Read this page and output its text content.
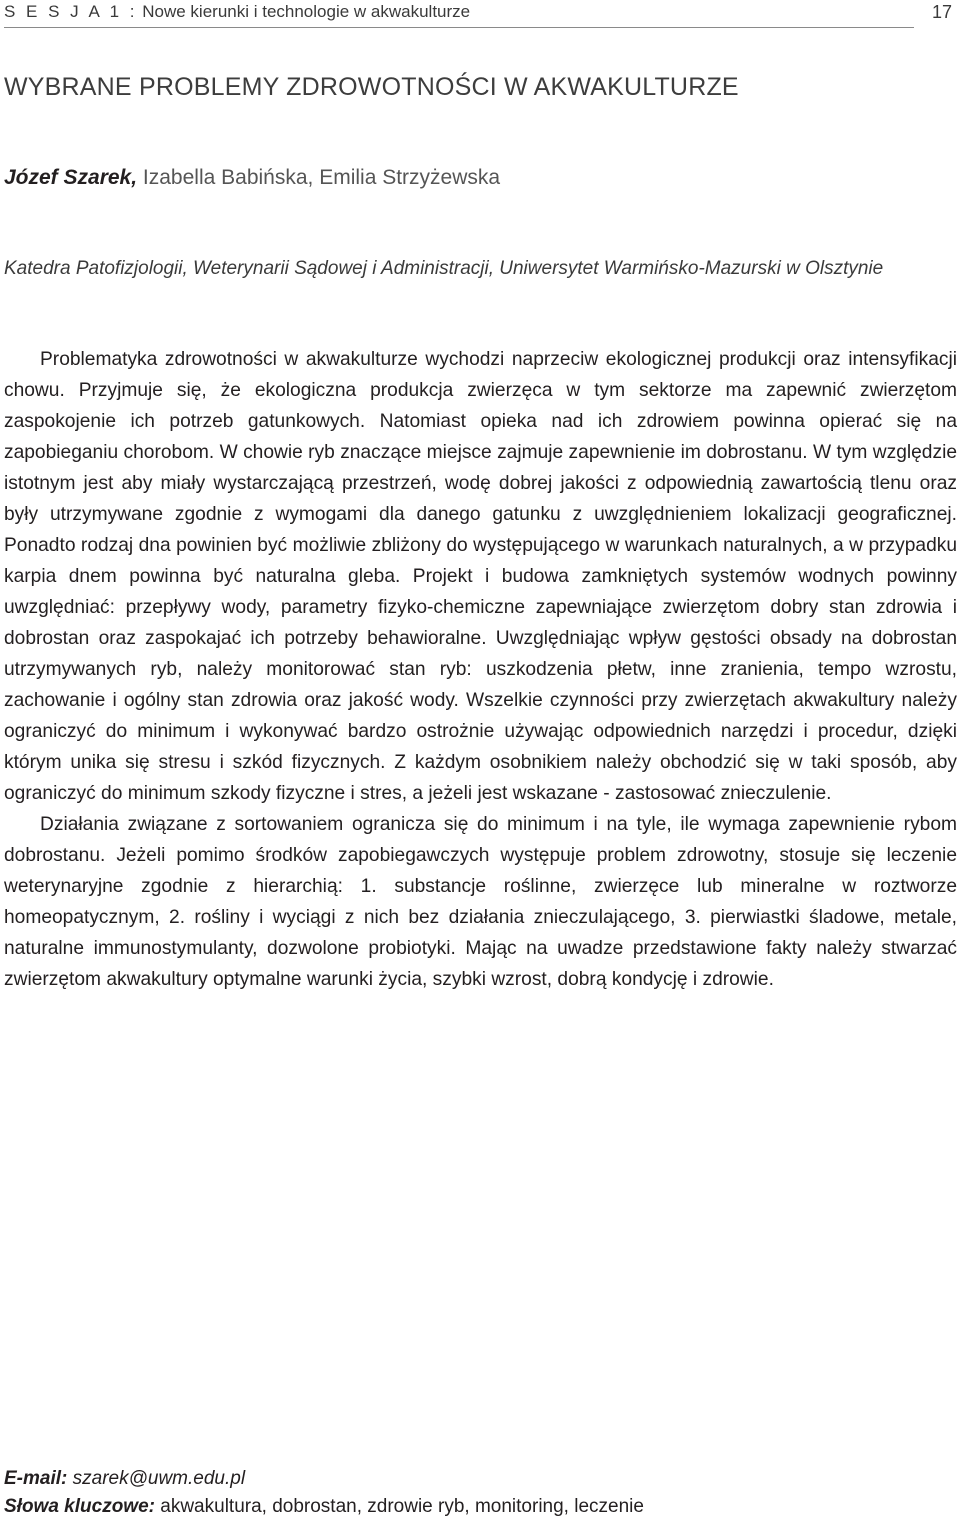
S E S J A 1 : Nowe kierunki i technologie w akwakulturze	17
WYBRANE PROBLEMY ZDROWOTNOŚCI W AKWAKULTURZE
Józef Szarek, Izabella Babińska, Emilia Strzyżewska
Katedra Patofizjologii, Weterynarii Sądowej i Administracji, Uniwersytet Warmińsko-Mazurski w Olsztynie

Problematyka zdrowotności w akwakulturze wychodzi naprzeciw ekologicznej produkcji oraz intensyfikacji chowu. Przyjmuje się, że ekologiczna produkcja zwierzęca w tym sektorze ma zapewnić zwierzętom zaspokojenie ich potrzeb gatunkowych. Natomiast opieka nad ich zdrowiem powinna opierać się na zapobieganiu chorobom. W chowie ryb znaczące miejsce zajmuje zapewnienie im dobrostanu. W tym względzie istotnym jest aby miały wystarczającą przestrzeń, wodę dobrej jakości z odpowiednią zawartością tlenu oraz były utrzymywane zgodnie z wymogami dla danego gatunku z uwzględnieniem lokalizacji geograficznej. Ponadto rodzaj dna powinien być możliwie zbliżony do występującego w warunkach naturalnych, a w przypadku karpia dnem powinna być naturalna gleba. Projekt i budowa zamkniętych systemów wodnych powinny uwzględniać: przepływy wody, parametry fizyko-chemiczne zapewniające zwierzętom dobry stan zdrowia i dobrostan oraz zaspokajać ich potrzeby behawioralne. Uwzględniając wpływ gęstości obsady na dobrostan utrzymywanych ryb, należy monitorować stan ryb: uszkodzenia płetw, inne zranienia, tempo wzrostu, zachowanie i ogólny stan zdrowia oraz jakość wody. Wszelkie czynności przy zwierzętach akwakultury należy ograniczyć do minimum i wykonywać bardzo ostrożnie używając odpowiednich narzędzi i procedur, dzięki którym unika się stresu i szkód fizycznych. Z każdym osobnikiem należy obchodzić się w taki sposób, aby ograniczyć do minimum szkody fizyczne i stres, a jeżeli jest wskazane - zastosować znieczulenie.

Działania związane z sortowaniem ogranicza się do minimum i na tyle, ile wymaga zapewnienie rybom dobrostanu. Jeżeli pomimo środków zapobiegawczych występuje problem zdrowotny, stosuje się leczenie weterynaryjne zgodnie z hierarchią: 1. substancje roślinne, zwierzęce lub mineralne w roztworze homeopatycznym, 2. rośliny i wyciągi z nich bez działania znieczulającego, 3. pierwiastki śladowe, metale, naturalne immunostymulanty, dozwolone probiotyki. Mając na uwadze przedstawione fakty należy stwarzać zwierzętom akwakultury optymalne warunki życia, szybki wzrost, dobrą kondycję i zdrowie.

E-mail: szarek@uwm.edu.pl
Słowa kluczowe: akwakultura, dobrostan, zdrowie ryb, monitoring, leczenie
